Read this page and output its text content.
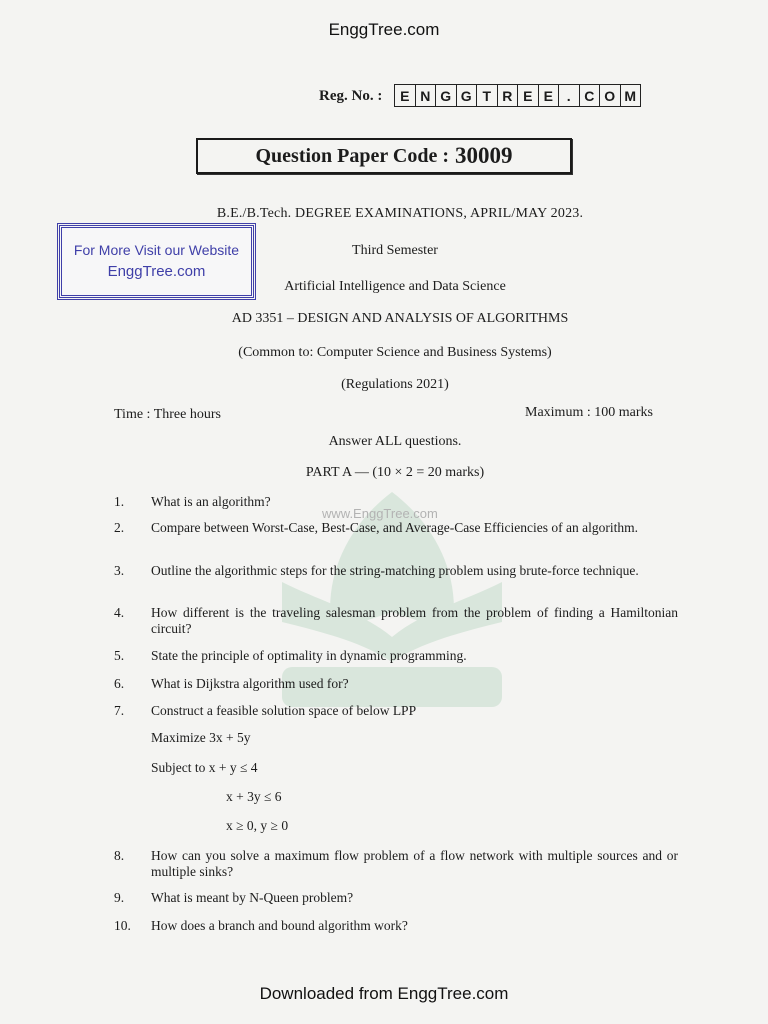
www.EnggTree.com
EnggTree.com
Downloaded from EnggTree.com
Reg. No. :	E N G G T R E E . C O M
Question Paper Code : 30009
For More Visit our Website
EnggTree.com
B.E./B.Tech. DEGREE EXAMINATIONS, APRIL/MAY 2023.
Third Semester
Artificial Intelligence and Data Science
AD 3351 – DESIGN AND ANALYSIS OF ALGORITHMS
(Common to: Computer Science and Business Systems)
(Regulations 2021)
Time : Three hours	Maximum : 100 marks
Answer ALL questions.
PART A — (10 × 2 = 20 marks)
1. What is an algorithm?
2. Compare between Worst-Case, Best-Case, and Average-Case Efficiencies of an algorithm.
3. Outline the algorithmic steps for the string-matching problem using brute-force technique.
4. How different is the traveling salesman problem from the problem of finding a Hamiltonian circuit?
5. State the principle of optimality in dynamic programming.
6. What is Dijkstra algorithm used for?
7. Construct a feasible solution space of below LPP
Maximize 3x + 5y
Subject to x + y ≤ 4
x + 3y ≤ 6
x ≥ 0, y ≥ 0
8. How can you solve a maximum flow problem of a flow network with multiple sources and or multiple sinks?
9. What is meant by N-Queen problem?
10. How does a branch and bound algorithm work?
